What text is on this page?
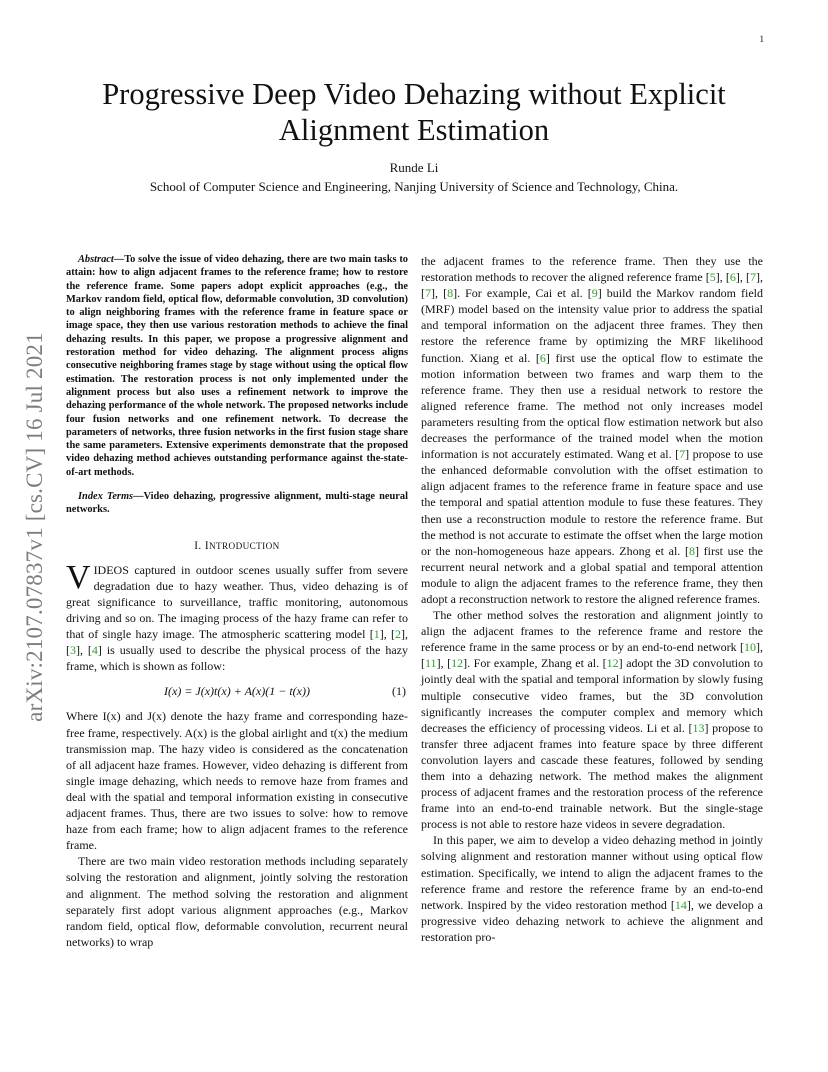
1
arXiv:2107.07837v1 [cs.CV] 16 Jul 2021
Progressive Deep Video Dehazing without Explicit
Alignment Estimation
Runde Li
School of Computer Science and Engineering, Nanjing University of Science and Technology, China.

Abstract—To solve the issue of video dehazing, there are two main tasks to attain: how to align adjacent frames to the reference frame; how to restore the reference frame. Some papers adopt explicit approaches (e.g., the Markov random field, optical flow, deformable convolution, 3D convolution) to align neighboring frames with the reference frame in feature space or image space, they then use various restoration methods to achieve the final dehazing results. In this paper, we propose a progressive alignment and restoration method for video dehazing. The alignment process aligns consecutive neighboring frames stage by stage without using the optical flow estimation. The restoration process is not only implemented under the alignment process but also uses a refinement network to improve the dehazing performance of the whole network. The proposed networks include four fusion networks and one refinement network. To decrease the parameters of networks, three fusion networks in the first fusion stage share the same parameters. Extensive experiments demonstrate that the proposed video dehazing method achieves outstanding performance against the-state-of-art methods.

Index Terms—Video dehazing, progressive alignment, multi-stage neural networks.

I. INTRODUCTION

VIDEOS captured in outdoor scenes usually suffer from severe degradation due to hazy weather. Thus, video dehazing is of great significance to surveillance, traffic monitoring, autonomous driving and so on. The imaging process of the hazy frame can refer to that of single hazy image. The atmospheric scattering model [1], [2], [3], [4] is usually used to describe the physical process of the hazy frame, which is shown as follow:

I(x) = J(x)t(x) + A(x)(1 − t(x))	(1)

Where I(x) and J(x) denote the hazy frame and corresponding haze-free frame, respectively. A(x) is the global airlight and t(x) the medium transmission map. The hazy video is considered as the concatenation of all adjacent haze frames. However, video dehazing is different from single image dehazing, which needs to remove haze from frames and deal with the spatial and temporal information existing in consecutive adjacent frames. Thus, there are two issues to solve: how to remove haze from each frame; how to align adjacent frames to the reference frame.

There are two main video restoration methods including separately solving the restoration and alignment, jointly solving the restoration and alignment. The method solving the restoration and alignment separately first adopt various alignment approaches (e.g., Markov random field, optical flow, deformable convolution, recurrent neural networks) to wrap

the adjacent frames to the reference frame. Then they use the restoration methods to recover the aligned reference frame [5], [6], [7], [7], [8]. For example, Cai et al. [9] build the Markov random field (MRF) model based on the intensity value prior to address the spatial and temporal information on the adjacent three frames. They then restore the reference frame by optimizing the MRF likelihood function. Xiang et al. [6] first use the optical flow to estimate the motion information between two frames and warp them to the reference frame. They then use a residual network to restore the aligned reference frame. The method not only increases model parameters resulting from the optical flow estimation network but also decreases the performance of the trained model when the motion information is not accurately estimated. Wang et al. [7] propose to use the enhanced deformable convolution with the offset estimation to align adjacent frames to the reference frame in feature space and use the temporal and spatial attention module to fuse these features. They then use a reconstruction module to restore the reference frame. But the method is not accurate to estimate the offset when the large motion or the non-homogeneous haze appears. Zhong et al. [8] first use the recurrent neural network and a global spatial and temporal attention module to align the adjacent frames to the reference frame, they then adopt a reconstruction network to restore the aligned reference frames.

The other method solves the restoration and alignment jointly to align the adjacent frames to the reference frame and restore the reference frame in the same process or by an end-to-end network [10], [11], [12]. For example, Zhang et al. [12] adopt the 3D convolution to jointly deal with the spatial and temporal information by slowly fusing multiple consecutive video frames, but the 3D convolution significantly increases the computer complex and memory which decreases the efficiency of processing videos. Li et al. [13] propose to transfer three adjacent frames into feature space by three different convolution layers and cascade these features, followed by sending them into a dehazing network. The method makes the alignment process of adjacent frames and the restoration process of the reference frame into an end-to-end trainable network. But the single-stage process is not able to restore haze videos in severe degradation.

In this paper, we aim to develop a video dehazing method in jointly solving alignment and restoration manner without using optical flow estimation. Specifically, we intend to align the adjacent frames to the reference frame and restore the reference frame by an end-to-end network. Inspired by the video restoration method [14], we develop a progressive video dehazing network to achieve the alignment and restoration pro-
